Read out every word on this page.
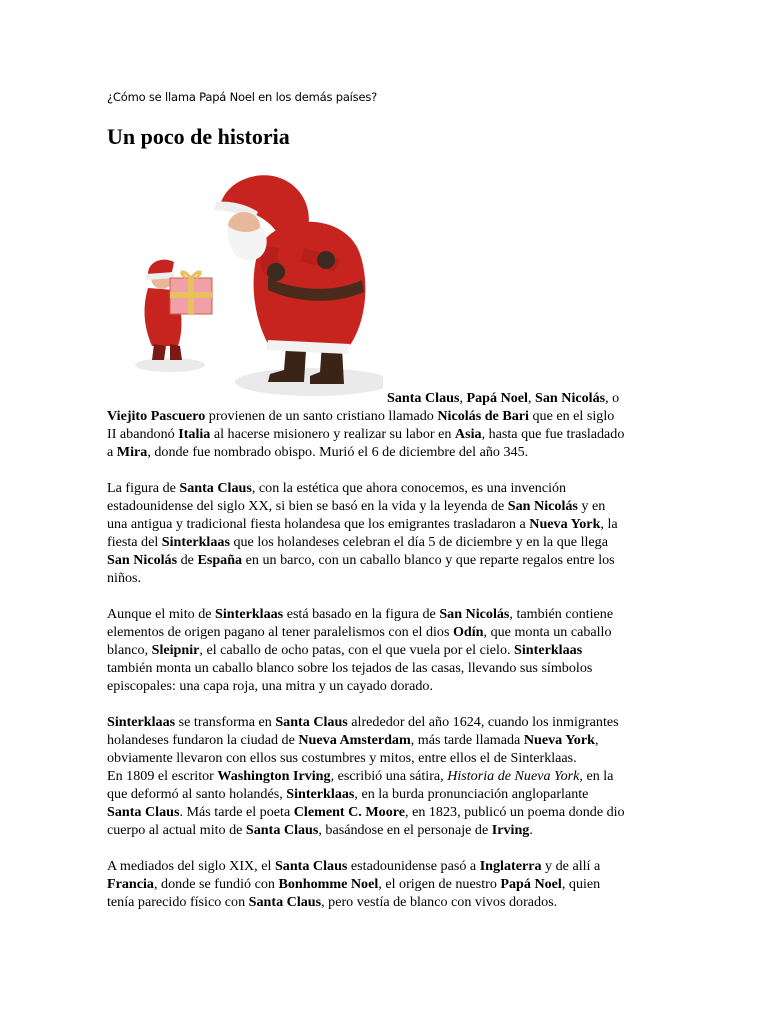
¿Cómo se llama Papá Noel en los demás países?
Un poco de historia

Santa Claus, Papá Noel, San Nicolás, o
Viejito Pascuero provienen de un santo cristiano llamado Nicolás de Bari que en el siglo
II abandonó Italia al hacerse misionero y realizar su labor en Asia, hasta que fue trasladado
a Mira, donde fue nombrado obispo. Murió el 6 de diciembre del año 345.

La figura de Santa Claus, con la estética que ahora conocemos, es una invención
estadounidense del siglo XX, si bien se basó en la vida y la leyenda de San Nicolás y en
una antigua y tradicional fiesta holandesa que los emigrantes trasladaron a Nueva York, la
fiesta del Sinterklaas que los holandeses celebran el día 5 de diciembre y en la que llega
San Nicolás de España en un barco, con un caballo blanco y que reparte regalos entre los
niños.

Aunque el mito de Sinterklaas está basado en la figura de San Nicolás, también contiene
elementos de origen pagano al tener paralelismos con el dios Odín, que monta un caballo
blanco, Sleipnir, el caballo de ocho patas, con el que vuela por el cielo. Sinterklaas
también monta un caballo blanco sobre los tejados de las casas, llevando sus símbolos
episcopales: una capa roja, una mitra y un cayado dorado.

Sinterklaas se transforma en Santa Claus alrededor del año 1624, cuando los inmigrantes
holandeses fundaron la ciudad de Nueva Amsterdam, más tarde llamada Nueva York,
obviamente llevaron con ellos sus costumbres y mitos, entre ellos el de Sinterklaas.
En 1809 el escritor Washington Irving, escribió una sátira, Historia de Nueva York, en la
que deformó al santo holandés, Sinterklaas, en la burda pronunciación angloparlante
Santa Claus. Más tarde el poeta Clement C. Moore, en 1823, publicó un poema donde dio
cuerpo al actual mito de Santa Claus, basándose en el personaje de Irving.

A mediados del siglo XIX, el Santa Claus estadounidense pasó a Inglaterra y de allí a
Francia, donde se fundió con Bonhomme Noel, el origen de nuestro Papá Noel, quien
tenía parecido físico con Santa Claus, pero vestía de blanco con vivos dorados.
